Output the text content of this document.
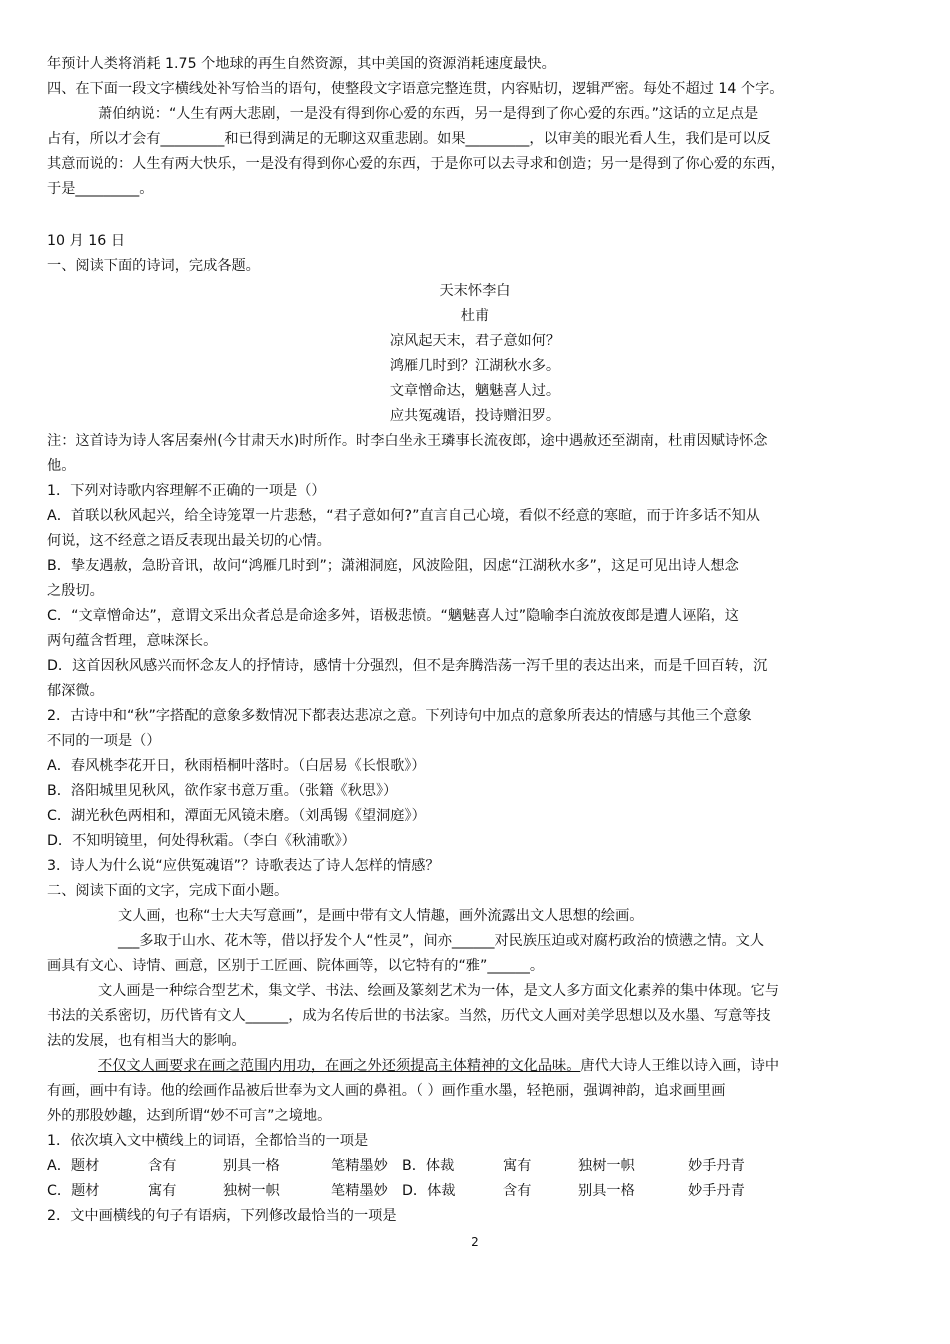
年预计人类将消耗 1.75 个地球的再生自然资源，其中美国的资源消耗速度最快。
四、在下面一段文字横线处补写恰当的语句，使整段文字语意完整连贯，内容贴切，逻辑严密。每处不超过 14 个字。
萧伯纳说：“人生有两大悲剧，一是没有得到你心爱的东西，另一是得到了你心爱的东西。”这话的立足点是
占有，所以才会有_________和已得到满足的无聊这双重悲剧。如果_________，以审美的眼光看人生，我们是可以反
其意而说的：人生有两大快乐，一是没有得到你心爱的东西，于是你可以去寻求和创造；另一是得到了你心爱的东西，
于是_________。
10 月 16 日
一、阅读下面的诗词，完成各题。
天末怀李白
杜甫
凉风起天末，君子意如何？
鸿雁几时到？江湖秋水多。
文章憎命达，魑魅喜人过。
应共冤魂语，投诗赠汨罗。
注：这首诗为诗人客居秦州(今甘肃天水)时所作。时李白坐永王璘事长流夜郎，途中遇赦还至湖南，杜甫因赋诗怀念
他。
1．下列对诗歌内容理解不正确的一项是（）
A．首联以秋风起兴，给全诗笼罩一片悲愁，“君子意如何?”直言自己心境，看似不经意的寒暄，而于许多话不知从
何说，这不经意之语反表现出最关切的心情。
B．挚友遇赦，急盼音讯，故问“鸿雁几时到”；潇湘洞庭，风波险阻，因虑“江湖秋水多”，这足可见出诗人想念
之殷切。
C．“文章憎命达”，意谓文采出众者总是命途多舛，语极悲愤。“魑魅喜人过”隐喻李白流放夜郎是遭人诬陷，这
两句蕴含哲理，意味深长。
D．这首因秋风感兴而怀念友人的抒情诗，感情十分强烈，但不是奔腾浩荡一泻千里的表达出来，而是千回百转，沉
郁深微。
2．古诗中和“秋”字搭配的意象多数情况下都表达悲凉之意。下列诗句中加点的意象所表达的情感与其他三个意象
不同的一项是（）
A．春风桃李花开日，秋雨梧桐叶落时。（白居易《长恨歌》）
B．洛阳城里见秋风，欲作家书意万重。（张籍《秋思》）
C．湖光秋色两相和，潭面无风镜未磨。（刘禹锡《望洞庭》）
D．不知明镜里，何处得秋霜。（李白《秋浦歌》）
3．诗人为什么说“应供冤魂语”？诗歌表达了诗人怎样的情感？
二、阅读下面的文字，完成下面小题。
文人画，也称“士大夫写意画”，是画中带有文人情趣，画外流露出文人思想的绘画。
___多取于山水、花木等，借以抒发个人“性灵”，间亦______对民族压迫或对腐朽政治的愤懑之情。文人
画具有文心、诗情、画意，区别于工匠画、院体画等，以它特有的“雅”______。
文人画是一种综合型艺术，集文学、书法、绘画及篆刻艺术为一体，是文人多方面文化素养的集中体现。它与
书法的关系密切，历代皆有文人______，成为名传后世的书法家。当然，历代文人画对美学思想以及水墨、写意等技
法的发展，也有相当大的影响。
不仅文人画要求在画之范围内用功，在画之外还须提高主体精神的文化品味。唐代大诗人王维以诗入画，诗中
有画，画中有诗。他的绘画作品被后世奉为文人画的鼻祖。（ ）画作重水墨，轻艳丽，强调神韵，追求画里画
外的那股妙趣，达到所谓“妙不可言”之境地。
1．依次填入文中横线上的词语，全都恰当的一项是
A．题材	含有	别具一格	笔精墨妙 B．体裁	寓有	独树一帜	妙手丹青
C．题材	寓有	独树一帜	笔精墨妙 D．体裁	含有	别具一格	妙手丹青
2．文中画横线的句子有语病，下列修改最恰当的一项是
2
